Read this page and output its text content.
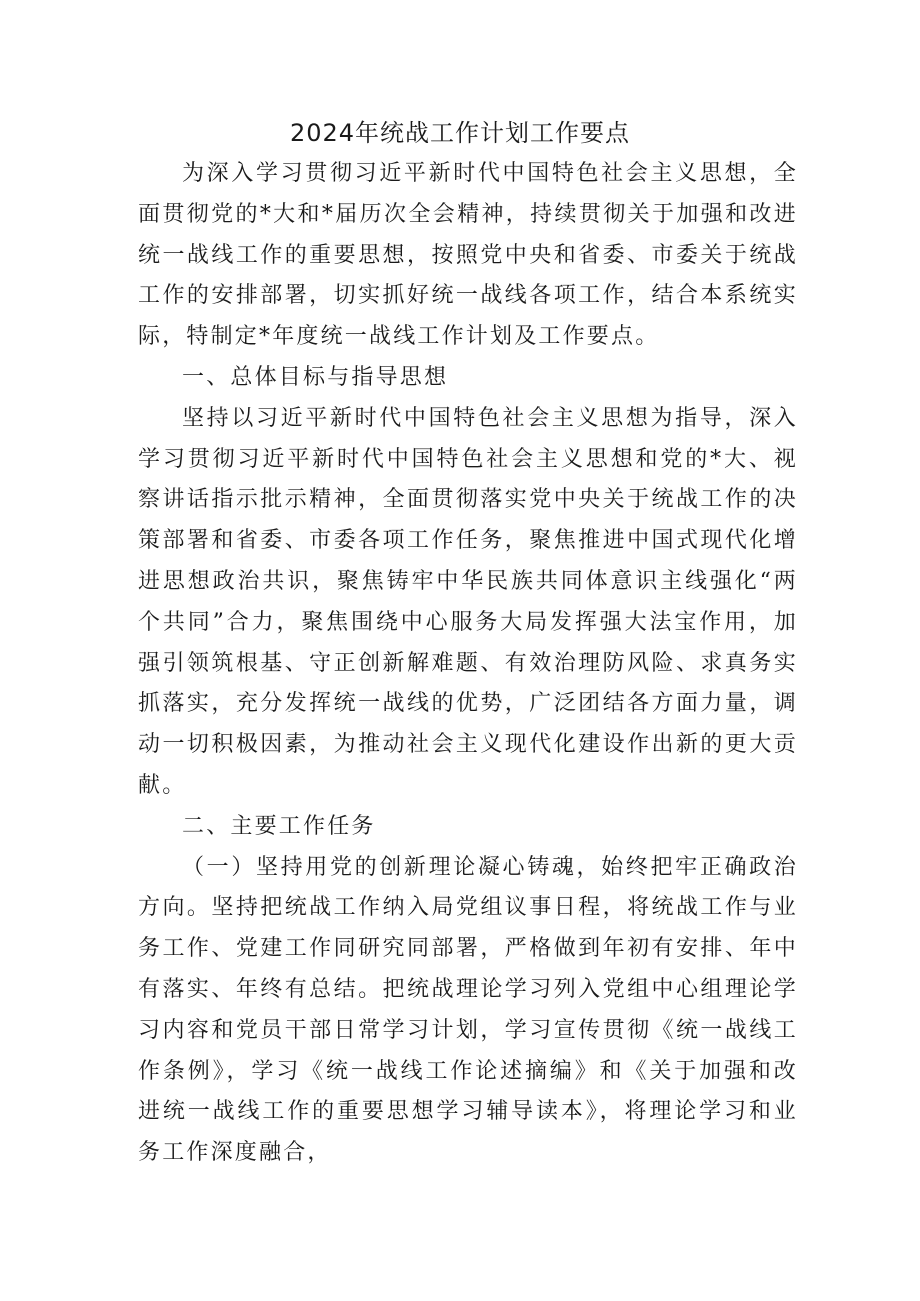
2024年统战工作计划工作要点

为深入学习贯彻习近平新时代中国特色社会主义思想，全面贯彻党的*大和*届历次全会精神，持续贯彻关于加强和改进统一战线工作的重要思想，按照党中央和省委、市委关于统战工作的安排部署，切实抓好统一战线各项工作，结合本系统实际，特制定*年度统一战线工作计划及工作要点。

一、总体目标与指导思想

坚持以习近平新时代中国特色社会主义思想为指导，深入学习贯彻习近平新时代中国特色社会主义思想和党的*大、视察讲话指示批示精神，全面贯彻落实党中央关于统战工作的决策部署和省委、市委各项工作任务，聚焦推进中国式现代化增进思想政治共识，聚焦铸牢中华民族共同体意识主线强化“两个共同”合力，聚焦围绕中心服务大局发挥强大法宝作用，加强引领筑根基、守正创新解难题、有效治理防风险、求真务实抓落实，充分发挥统一战线的优势，广泛团结各方面力量，调动一切积极因素，为推动社会主义现代化建设作出新的更大贡献。

二、主要工作任务

（一）坚持用党的创新理论凝心铸魂，始终把牢正确政治方向。坚持把统战工作纳入局党组议事日程，将统战工作与业务工作、党建工作同研究同部署，严格做到年初有安排、年中有落实、年终有总结。把统战理论学习列入党组中心组理论学习内容和党员干部日常学习计划，学习宣传贯彻《统一战线工作条例》，学习《统一战线工作论述摘编》和《关于加强和改进统一战线工作的重要思想学习辅导读本》，将理论学习和业务工作深度融合，
